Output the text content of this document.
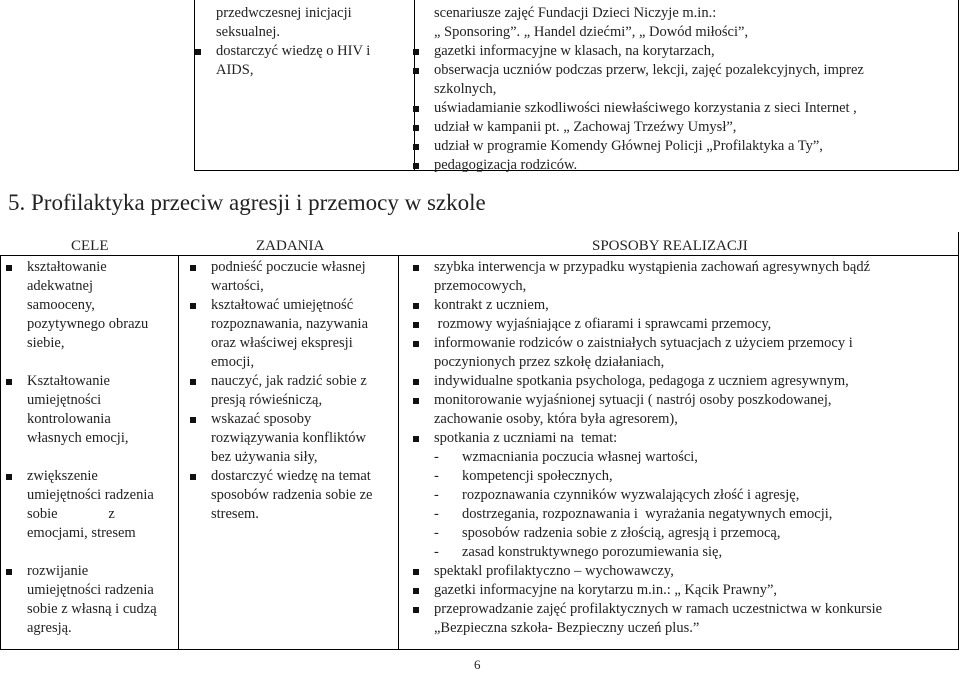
przedwczesnej inicjacji
seksualnej.
dostarczyć wiedzę o HIV i
AIDS,
scenariusze zajęć Fundacji Dzieci Niczyje m.in.:
„ Sponsoring”. „ Handel dziećmi”, „ Dowód miłości”,
gazetki informacyjne w klasach, na korytarzach,
obserwacja uczniów podczas przerw, lekcji, zajęć pozalekcyjnych, imprez
szkolnych,
uświadamianie szkodliwości niewłaściwego korzystania z sieci Internet ,
udział w kampanii pt. „ Zachowaj Trzeźwy Umysł”,
udział w programie Komendy Głównej Policji „Profilaktyka a Ty”,
pedagogizacja rodziców.
5. Profilaktyka przeciw agresji i przemocy w szkole
CELE	ZADANIA	SPOSOBY REALIZACJI
kształtowanie
adekwatnej
samooceny,
pozytywnego obrazu
siebie,
Kształtowanie
umiejętności
kontrolowania
własnych emocji,
zwiększenie
umiejętności radzenia
sobie              z
emocjami, stresem
rozwijanie
umiejętności radzenia
sobie z własną i cudzą
agresją.
podnieść poczucie własnej
wartości,
kształtować umiejętność
rozpoznawania, nazywania
oraz właściwej ekspresji
emocji,
nauczyć, jak radzić sobie z
presją rówieśniczą,
wskazać sposoby
rozwiązywania konfliktów
bez używania siły,
dostarczyć wiedzę na temat
sposobów radzenia sobie ze
stresem.
szybka interwencja w przypadku wystąpienia zachowań agresywnych bądź
przemocowych,
kontrakt z uczniem,
rozmowy wyjaśniające z ofiarami i sprawcami przemocy,
informowanie rodziców o zaistniałych sytuacjach z użyciem przemocy i
poczynionych przez szkołę działaniach,
indywidualne spotkania psychologa, pedagoga z uczniem agresywnym,
monitorowanie wyjaśnionej sytuacji ( nastrój osoby poszkodowanej,
zachowanie osoby, która była agresorem),
spotkania z uczniami na  temat:
- wzmacniania poczucia własnej wartości,
- kompetencji społecznych,
- rozpoznawania czynników wyzwalających złość i agresję,
- dostrzegania, rozpoznawania i  wyrażania negatywnych emocji,
- sposobów radzenia sobie z złością, agresją i przemocą,
- zasad konstruktywnego porozumiewania się,
spektakl profilaktyczno – wychowawczy,
gazetki informacyjne na korytarzu m.in.: „ Kącik Prawny”,
przeprowadzanie zajęć profilaktycznych w ramach uczestnictwa w konkursie
„Bezpieczna szkoła- Bezpieczny uczeń plus.”
6
